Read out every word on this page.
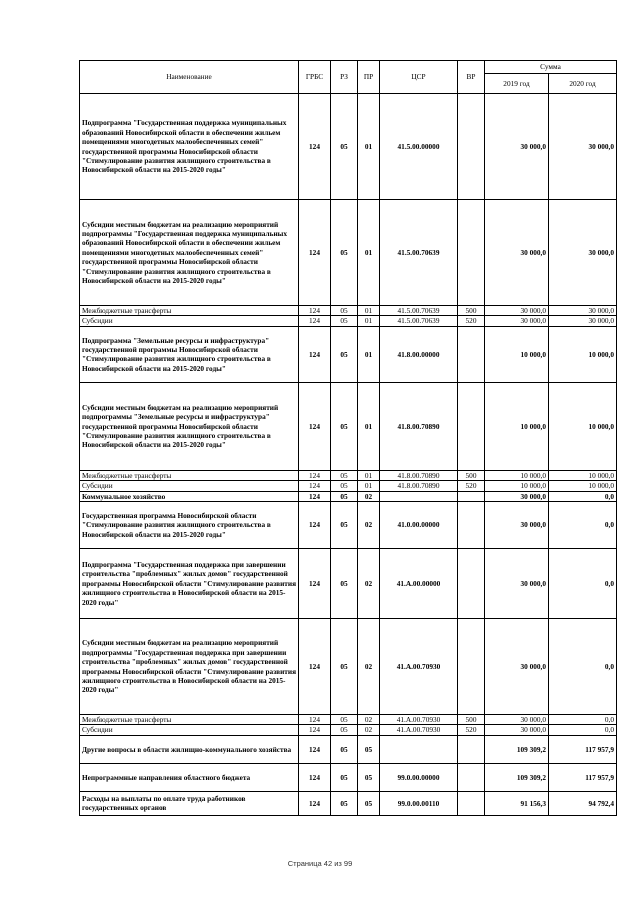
Наименование	ГРБС	РЗ	ПР	ЦСР	ВР	Сумма	
						2019 год	2020 год
Подпрограмма "Государственная поддержка муниципальных образований Новосибирской области в обеспечении жильем помещениями многодетных малообеспеченных семей" государственной программы Новосибирской области "Стимулирование развития жилищного строительства в Новосибирской области на 2015-2020 годы"	124	05	01	41.5.00.00000		30 000,0	30 000,0
Субсидии местным бюджетам на реализацию мероприятий подпрограммы "Государственная поддержка муниципальных образований Новосибирской области в обеспечении жильем помещениями многодетных малообеспеченных семей" государственной программы Новосибирской области "Стимулирование развития жилищного строительства в Новосибирской области на 2015-2020 годы"	124	05	01	41.5.00.70639		30 000,0	30 000,0
Межбюджетные трансферты	124	05	01	41.5.00.70639	500	30 000,0	30 000,0
Субсидии	124	05	01	41.5.00.70639	520	30 000,0	30 000,0
Подпрограмма "Земельные ресурсы и инфраструктура" государственной программы Новосибирской области "Стимулирование развития жилищного строительства в Новосибирской области на 2015-2020 годы"	124	05	01	41.8.00.00000		10 000,0	10 000,0
Субсидии местным бюджетам на реализацию мероприятий подпрограммы "Земельные ресурсы и инфраструктура" государственной программы Новосибирской области "Стимулирование развития жилищного строительства в Новосибирской области на 2015-2020 годы"	124	05	01	41.8.00.70890		10 000,0	10 000,0
Межбюджетные трансферты	124	05	01	41.8.00.70890	500	10 000,0	10 000,0
Субсидии	124	05	01	41.8.00.70890	520	10 000,0	10 000,0
Коммунальное хозяйство	124	05	02			30 000,0	0,0
Государственная программа Новосибирской области "Стимулирование развития жилищного строительства в Новосибирской области на 2015-2020 годы"	124	05	02	41.0.00.00000		30 000,0	0,0
Подпрограмма "Государственная поддержка при завершении строительства "проблемных" жилых домов" государственной программы Новосибирской области "Стимулирование развития жилищного строительства в Новосибирской области на 2015-2020 годы"	124	05	02	41.А.00.00000		30 000,0	0,0
Субсидии местным бюджетам на реализацию мероприятий подпрограммы "Государственная поддержка при завершении строительства "проблемных" жилых домов" государственной программы Новосибирской области "Стимулирование развития жилищного строительства в Новосибирской области на 2015-2020 годы"	124	05	02	41.А.00.70930		30 000,0	0,0
Межбюджетные трансферты	124	05	02	41.А.00.70930	500	30 000,0	0,0
Субсидии	124	05	02	41.А.00.70930	520	30 000,0	0,0
Другие вопросы в области жилищно-коммунального хозяйства	124	05	05			109 309,2	117 957,9
Непрограммные направления областного бюджета	124	05	05	99.0.00.00000		109 309,2	117 957,9
Расходы на выплаты по оплате труда работников государственных органов	124	05	05	99.0.00.00110		91 156,3	94 792,4
Страница 42 из 99
